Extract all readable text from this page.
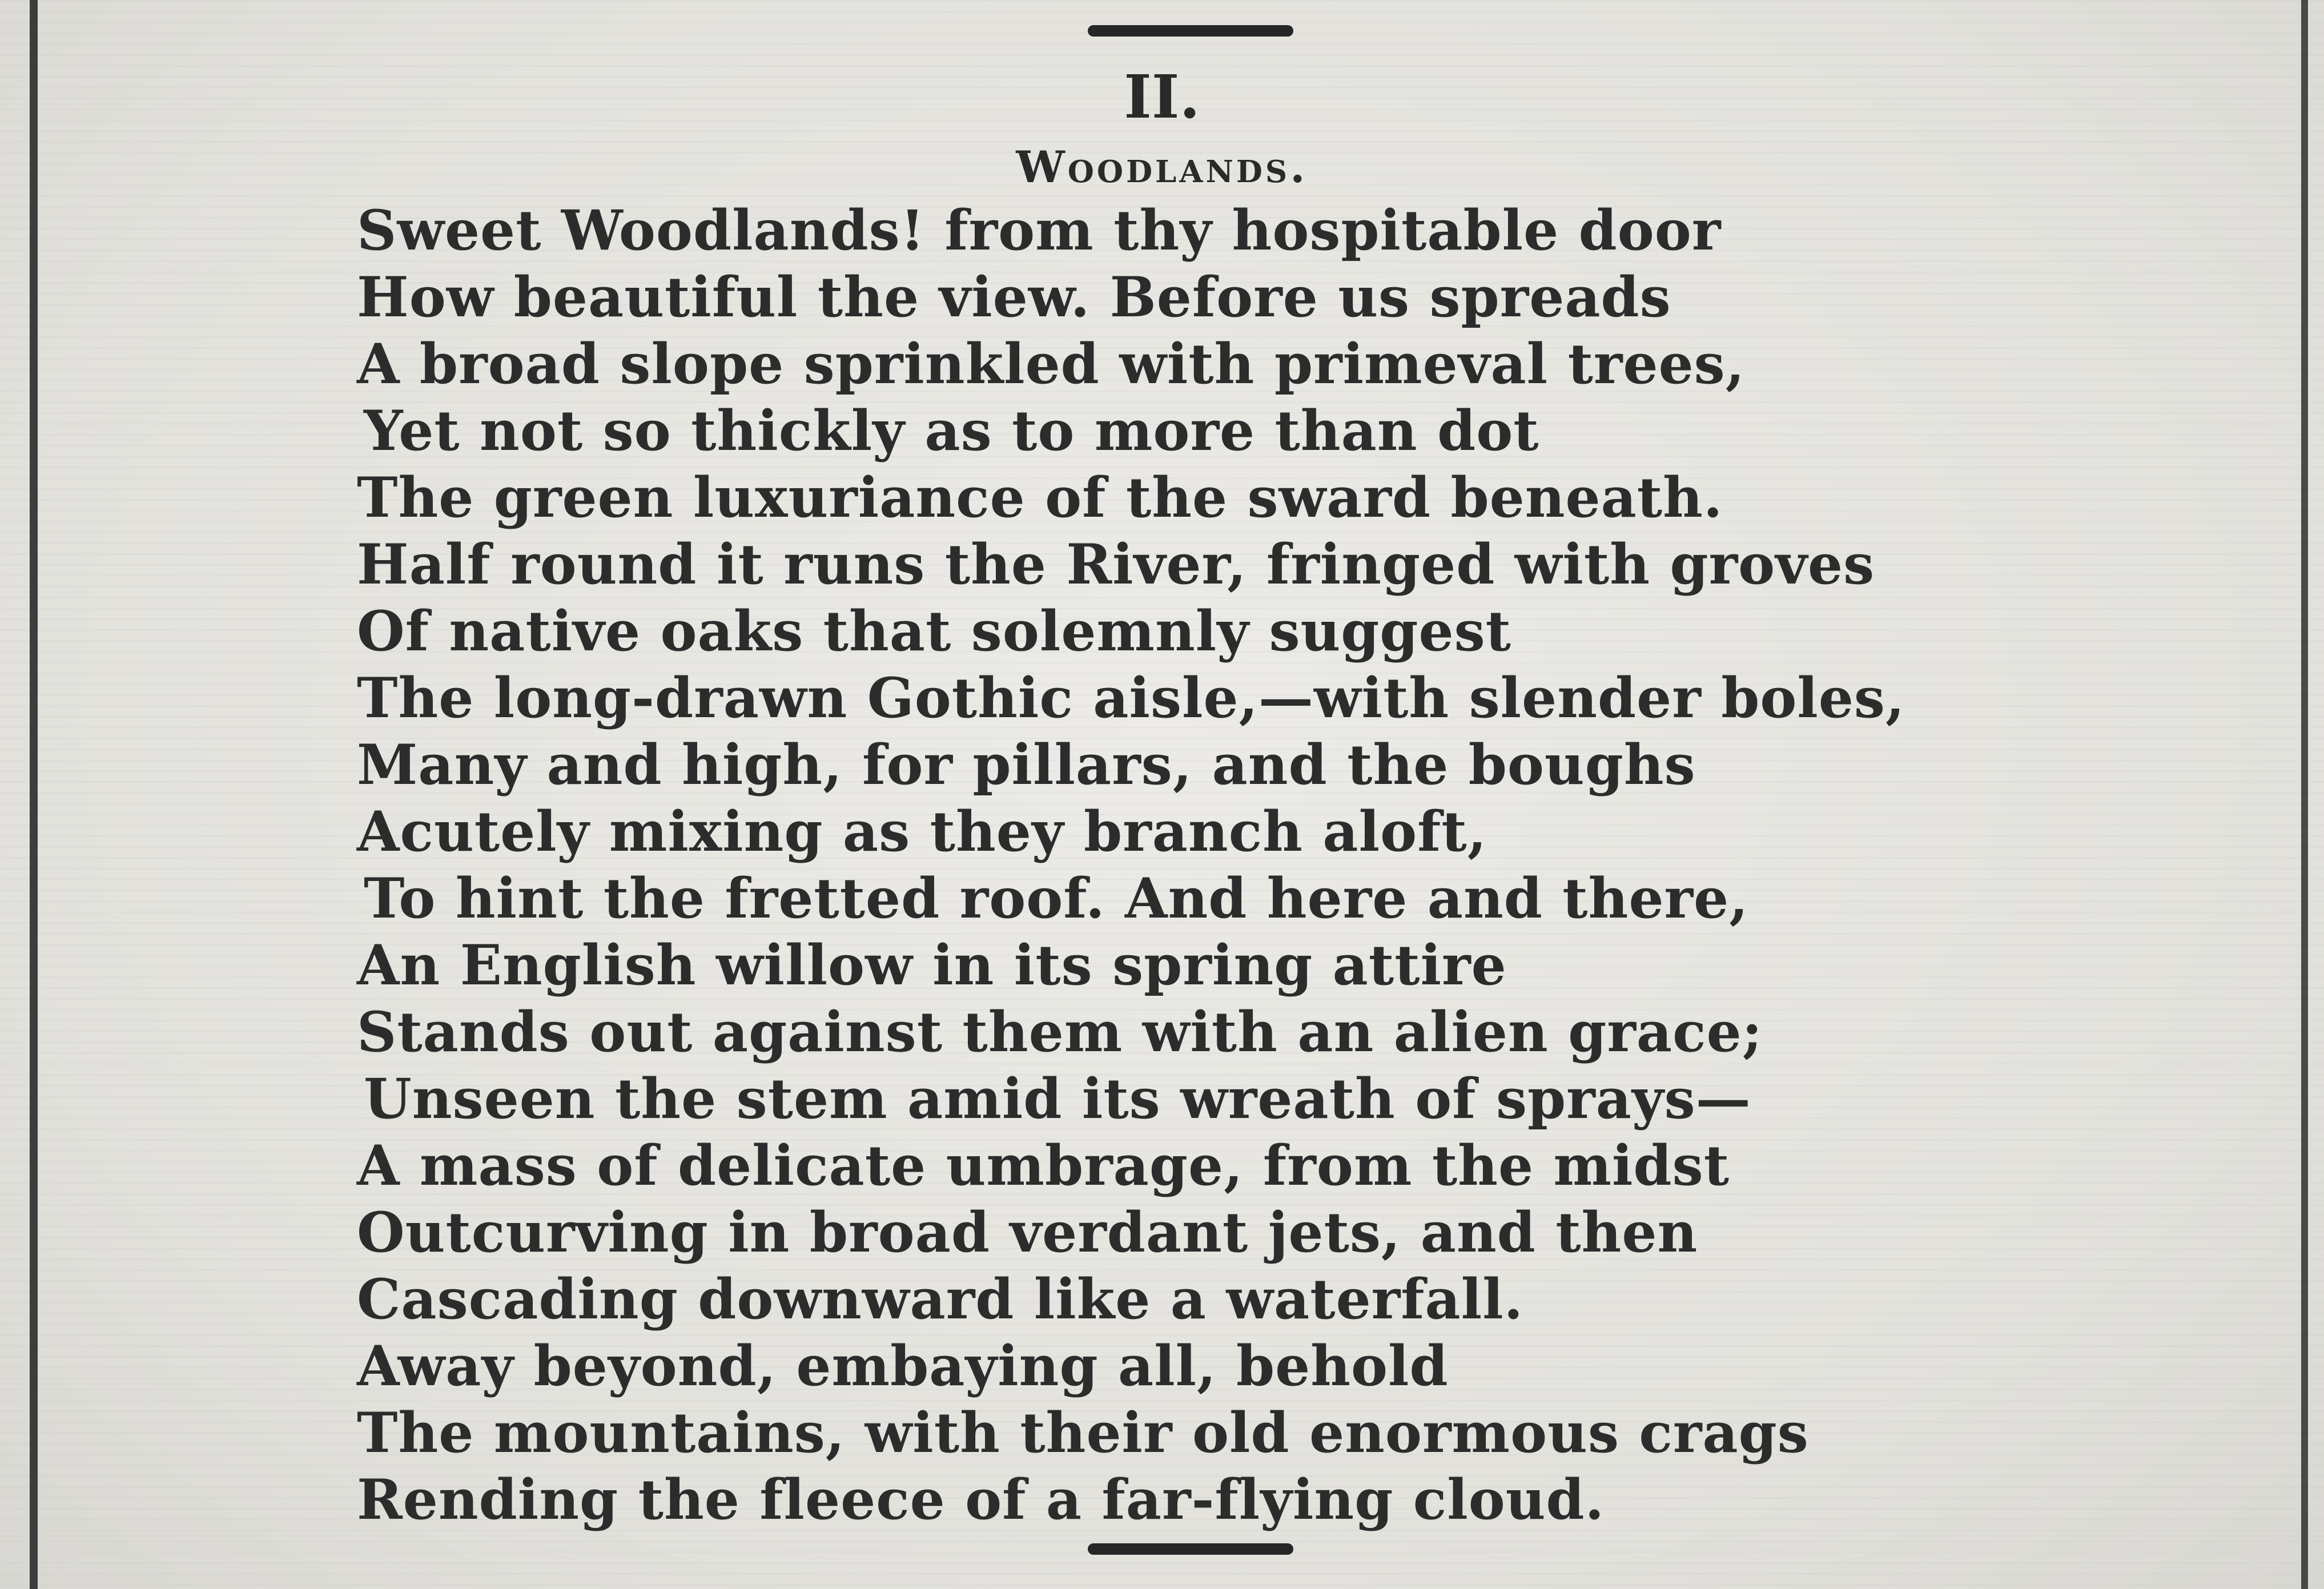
II.
Woodlands.
Sweet Woodlands! from thy hospitable door
How beautiful the view. Before us spreads
A broad slope sprinkled with primeval trees,
Yet not so thickly as to more than dot
The green luxuriance of the sward beneath.
Half round it runs the River, fringed with groves
Of native oaks that solemnly suggest
The long-drawn Gothic aisle,—with slender boles,
Many and high, for pillars, and the boughs
Acutely mixing as they branch aloft,
To hint the fretted roof. And here and there,
An English willow in its spring attire
Stands out against them with an alien grace;
Unseen the stem amid its wreath of sprays—
A mass of delicate umbrage, from the midst
Outcurving in broad verdant jets, and then
Cascading downward like a waterfall.
Away beyond, embaying all, behold
The mountains, with their old enormous crags
Rending the fleece of a far-flying cloud.
